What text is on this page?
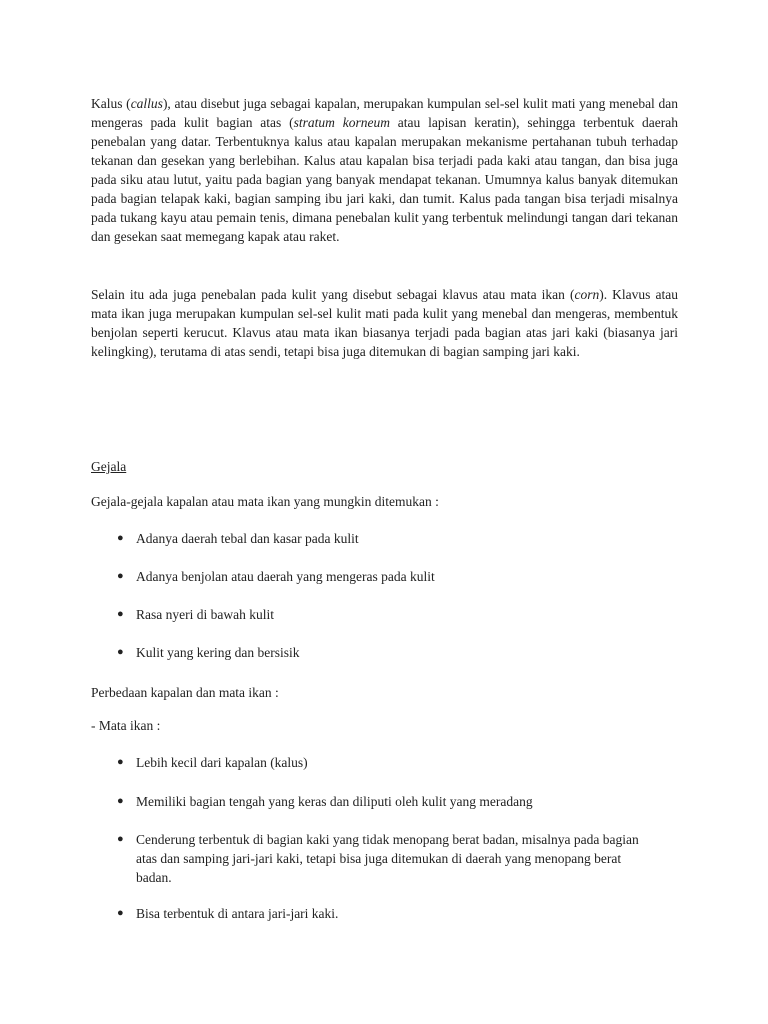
Kalus (callus), atau disebut juga sebagai kapalan, merupakan kumpulan sel-sel kulit mati yang menebal dan mengeras pada kulit bagian atas (stratum korneum atau lapisan keratin), sehingga terbentuk daerah penebalan yang datar. Terbentuknya kalus atau kapalan merupakan mekanisme pertahanan tubuh terhadap tekanan dan gesekan yang berlebihan. Kalus atau kapalan bisa terjadi pada kaki atau tangan, dan bisa juga pada siku atau lutut, yaitu pada bagian yang banyak mendapat tekanan. Umumnya kalus banyak ditemukan pada bagian telapak kaki, bagian samping ibu jari kaki, dan tumit. Kalus pada tangan bisa terjadi misalnya pada tukang kayu atau pemain tenis, dimana penebalan kulit yang terbentuk melindungi tangan dari tekanan dan gesekan saat memegang kapak atau raket.

Selain itu ada juga penebalan pada kulit yang disebut sebagai klavus atau mata ikan (corn). Klavus atau mata ikan juga merupakan kumpulan sel-sel kulit mati pada kulit yang menebal dan mengeras, membentuk benjolan seperti kerucut. Klavus atau mata ikan biasanya terjadi pada bagian atas jari kaki (biasanya jari kelingking), terutama di atas sendi, tetapi bisa juga ditemukan di bagian samping jari kaki.

Gejala

Gejala-gejala kapalan atau mata ikan yang mungkin ditemukan :

● Adanya daerah tebal dan kasar pada kulit
● Adanya benjolan atau daerah yang mengeras pada kulit
● Rasa nyeri di bawah kulit
● Kulit yang kering dan bersisik

Perbedaan kapalan dan mata ikan :

- Mata ikan :

● Lebih kecil dari kapalan (kalus)
● Memiliki bagian tengah yang keras dan diliputi oleh kulit yang meradang
● Cenderung terbentuk di bagian kaki yang tidak menopang berat badan, misalnya pada bagian atas dan samping jari-jari kaki, tetapi bisa juga ditemukan di daerah yang menopang berat badan.
● Bisa terbentuk di antara jari-jari kaki.
